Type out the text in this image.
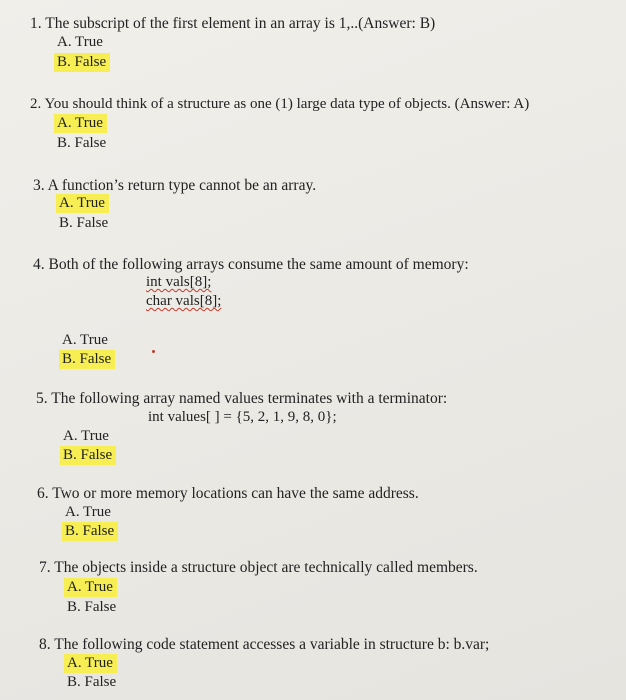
1. The subscript of the first element in an array is 1,..(Answer: B)
A. True
B. False
2. You should think of a structure as one (1) large data type of objects. (Answer: A)
A. True
B. False
3. A function’s return type cannot be an array.
A. True
B. False
4. Both of the following arrays consume the same amount of memory:
int vals[8];
char vals[8];
A. True
B. False
5. The following array named values terminates with a terminator:
int values[ ] = {5, 2, 1, 9, 8, 0};
A. True
B. False
6. Two or more memory locations can have the same address.
A. True
B. False
7. The objects inside a structure object are technically called members.
A. True
B. False
8. The following code statement accesses a variable in structure b: b.var;
A. True
B. False
